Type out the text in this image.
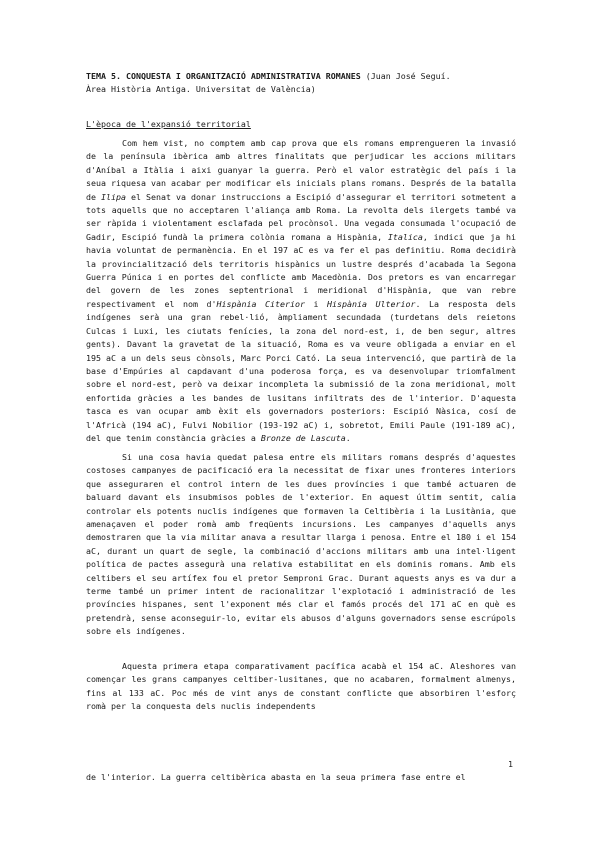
TEMA 5. CONQUESTA I ORGANITZACIÓ ADMINISTRATIVA ROMANES (Juan José Seguí.
Àrea Història Antiga. Universitat de València)
L'època de l'expansió territorial
Com hem vist, no comptem amb cap prova que els romans emprengueren la invasió de la península ibèrica amb altres finalitats que perjudicar les accions militars d'Aníbal a Itàlia i aixi guanyar la guerra. Però el valor estratègic del país i la seua riquesa van acabar per modificar els inicials plans romans. Després de la batalla de Ilipa el Senat va donar instruccions a Escipió d'assegurar el territori sotmetent a tots aquells que no acceptaren l'aliança amb Roma. La revolta dels ilergets també va ser ràpida i violentament esclafada pel procònsol. Una vegada consumada l'ocupació de Gadir, Escipió fundà la primera colònia romana a Hispània, Italica, indici que ja hi havia voluntat de permanència. En el 197 aC es va fer el pas definitiu. Roma decidirà la provincialització dels territoris hispànics un lustre després d'acabada la Segona Guerra Púnica i en portes del conflicte amb Macedònia. Dos pretors es van encarregar del govern de les zones septentrional i meridional d'Hispània, que van rebre respectivament el nom d'Hispània Citerior i Hispània Ulterior. La resposta dels indígenes serà una gran rebel·lió, àmpliament secundada (turdetans dels reietons Culcas i Luxi, les ciutats fenícies, la zona del nord-est, i, de ben segur, altres gents). Davant la gravetat de la situació, Roma es va veure obligada a enviar en el 195 aC a un dels seus cònsols, Marc Porci Cató. La seua intervenció, que partirà de la base d'Empúries al capdavant d'una poderosa força, es va desenvolupar triomfalment sobre el nord-est, però va deixar incompleta la submissió de la zona meridional, molt enfortida gràcies a les bandes de lusitans infiltrats des de l'interior. D'aquesta tasca es van ocupar amb èxit els governadors posteriors: Escipió Nàsica, cosí de l'Africà (194 aC), Fulvi Nobilior (193-192 aC) i, sobretot, Emili Paule (191-189 aC), del que tenim constància gràcies a Bronze de Lascuta.
Si una cosa havia quedat palesa entre els militars romans després d'aquestes costoses campanyes de pacificació era la necessitat de fixar unes fronteres interiors que asseguraren el control intern de les dues províncies i que també actuaren de baluard davant els insubmisos pobles de l'exterior. En aquest últim sentit, calia controlar els potents nuclis indígenes que formaven la Celtibèria i la Lusitània, que amenaçaven el poder romà amb freqüents incursions. Les campanyes d'aquells anys demostraren que la via militar anava a resultar llarga i penosa. Entre el 180 i el 154 aC, durant un quart de segle, la combinació d'accions militars amb una intel·ligent política de pactes assegurà una relativa estabilitat en els dominis romans. Amb els celtibers el seu artífex fou el pretor Semproni Grac. Durant aquests anys es va dur a terme també un primer intent de racionalitzar l'explotació i administració de les províncies hispanes, sent l'exponent més clar el famós procés del 171 aC en què es pretendrà, sense aconseguir-lo, evitar els abusos d'alguns governadors sense escrúpols sobre els indígenes.
Aquesta primera etapa comparativament pacífica acabà el 154 aC. Aleshores van començar les grans campanyes celtiber-lusitanes, que no acabaren, formalment almenys, fins al 133 aC. Poc més de vint anys de constant conflicte que absorbiren l'esforç romà per la conquesta dels nuclis independents
1
de l'interior. La guerra celtibèrica abasta en la seua primera fase entre el
